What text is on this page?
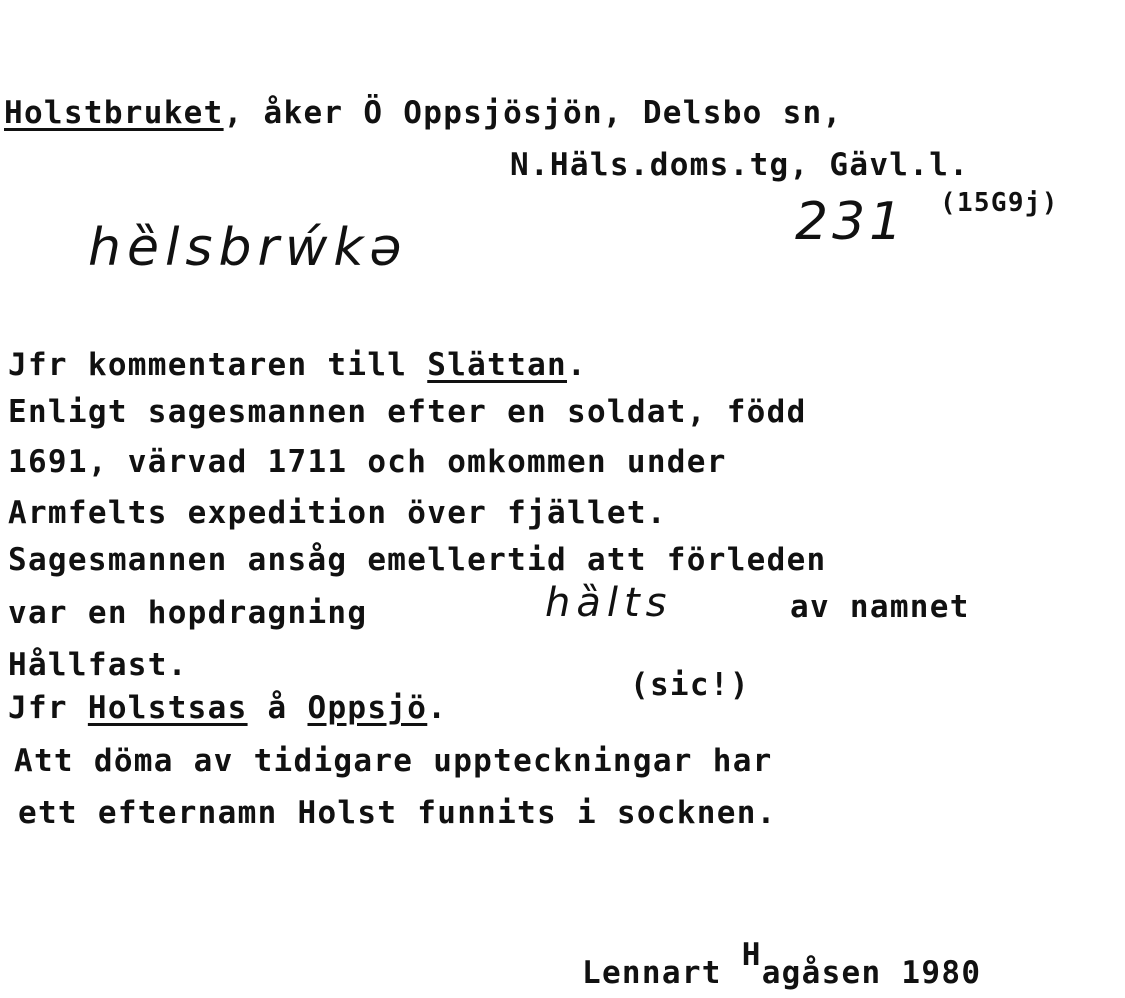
Holstbruket, åker Ö Oppsjösjön, Delsbo sn,
N.Häls.doms.tg, Gävl.l.
hȅlsbrẃkə	231 (15G9j)
Jfr kommentaren till Slättan.
Enligt sagesmannen efter en soldat, född
1691, värvad 1711 och omkommen under
Armfelts expedition över fjället.
Sagesmannen ansåg emellertid att förleden
var en hopdragning	hȁlts	av namnet
Hållfast.
(sic!)
Jfr Holstsas å Oppsjö.
Att döma av tidigare uppteckningar har
ett efternamn Holst funnits i socknen.
Lennart Hagåsen 1980
